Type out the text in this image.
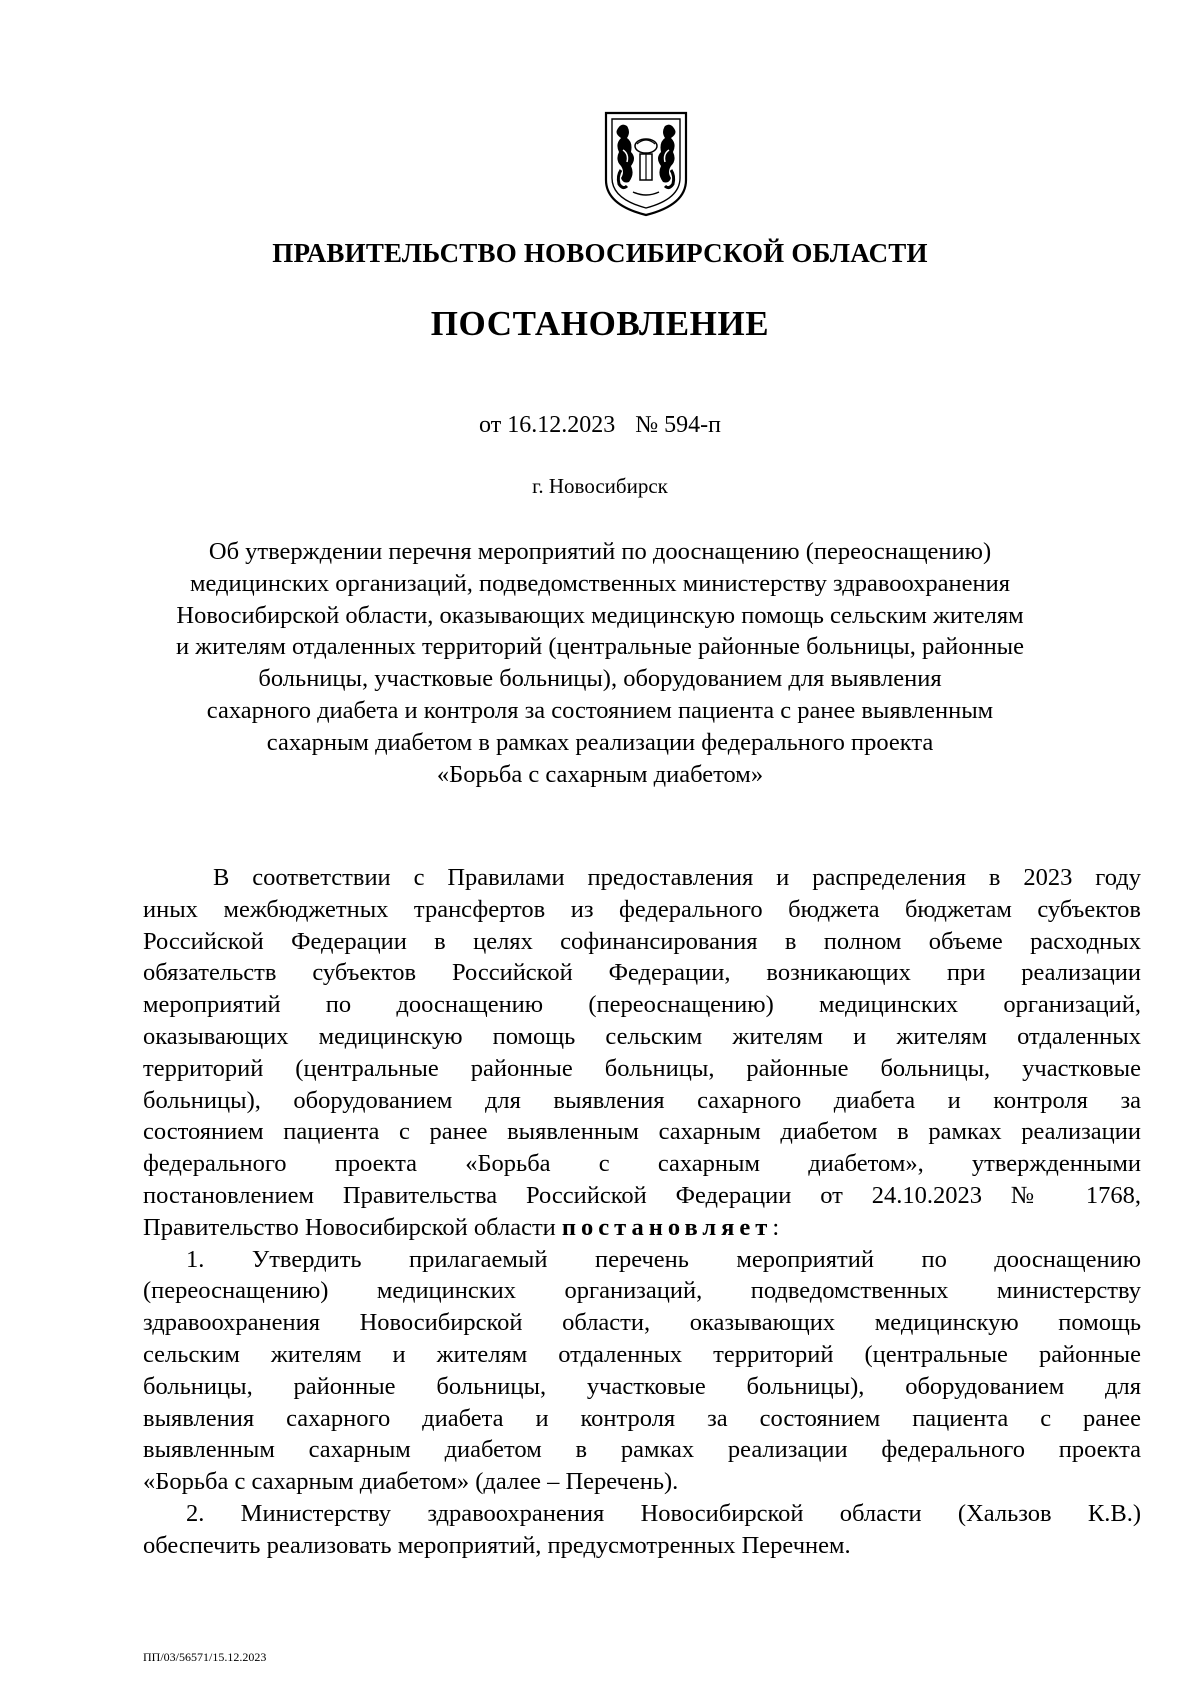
ПРАВИТЕЛЬСТВО НОВОСИБИРСКОЙ ОБЛАСТИ
ПОСТАНОВЛЕНИЕ
от 16.12.2023 № 594-п
г. Новосибирск
Об утверждении перечня мероприятий по дооснащению (переоснащению)
медицинских организаций, подведомственных министерству здравоохранения
Новосибирской области, оказывающих медицинскую помощь сельским жителям
и жителям отдаленных территорий (центральные районные больницы, районные
больницы, участковые больницы), оборудованием для выявления
сахарного диабета и контроля за состоянием пациента с ранее выявленным
сахарным диабетом в рамках реализации федерального проекта
«Борьба с сахарным диабетом»

В соответствии с Правилами предоставления и распределения в 2023 году
иных межбюджетных трансфертов из федерального бюджета бюджетам субъектов
Российской Федерации в целях софинансирования в полном объеме расходных
обязательств субъектов Российской Федерации, возникающих при реализации
мероприятий по дооснащению (переоснащению) медицинских организаций,
оказывающих медицинскую помощь сельским жителям и жителям отдаленных
территорий (центральные районные больницы, районные больницы, участковые
больницы), оборудованием для выявления сахарного диабета и контроля за
состоянием пациента с ранее выявленным сахарным диабетом в рамках реализации
федерального проекта «Борьба с сахарным диабетом», утвержденными
постановлением Правительства Российской Федерации от 24.10.2023 № 1768,
Правительство Новосибирской области постановляет:

1. Утвердить прилагаемый перечень мероприятий по дооснащению
(переоснащению) медицинских организаций, подведомственных министерству
здравоохранения Новосибирской области, оказывающих медицинскую помощь
сельским жителям и жителям отдаленных территорий (центральные районные
больницы, районные больницы, участковые больницы), оборудованием для
выявления сахарного диабета и контроля за состоянием пациента с ранее
выявленным сахарным диабетом в рамках реализации федерального проекта
«Борьба с сахарным диабетом» (далее – Перечень).

2. Министерству здравоохранения Новосибирской области (Хальзов К.В.)
обеспечить реализовать мероприятий, предусмотренных Перечнем.

ПП/03/56571/15.12.2023
